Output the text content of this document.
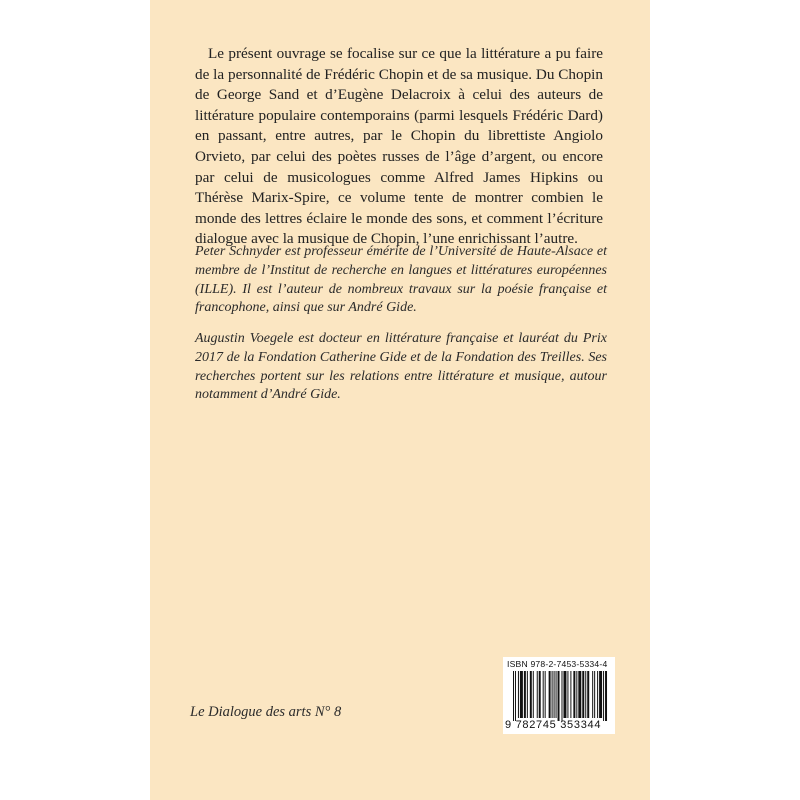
Le présent ouvrage se focalise sur ce que la littérature a pu faire de la personnalité de Frédéric Chopin et de sa musique. Du Chopin de George Sand et d’Eugène Delacroix à celui des auteurs de littérature populaire contemporains (parmi lesquels Frédéric Dard) en passant, entre autres, par le Chopin du librettiste Angiolo Orvieto, par celui des poètes russes de l’âge d’argent, ou encore par celui de musicologues comme Alfred James Hipkins ou Thérèse Marix-Spire, ce volume tente de montrer combien le monde des lettres éclaire le monde des sons, et comment l’écriture dialogue avec la musique de Chopin, l’une enrichissant l’autre.

Peter Schnyder est professeur émérite de l’Université de Haute-Alsace et membre de l’Institut de recherche en langues et littératures européennes (ILLE). Il est l’auteur de nombreux travaux sur la poésie française et francophone, ainsi que sur André Gide.

Augustin Voegele est docteur en littérature française et lauréat du Prix 2017 de la Fondation Catherine Gide et de la Fondation des Treilles. Ses recherches portent sur les relations entre littérature et musique, autour notamment d’André Gide.

Le Dialogue des arts N° 8

ISBN 978-2-7453-5334-4
9 782745 353344
